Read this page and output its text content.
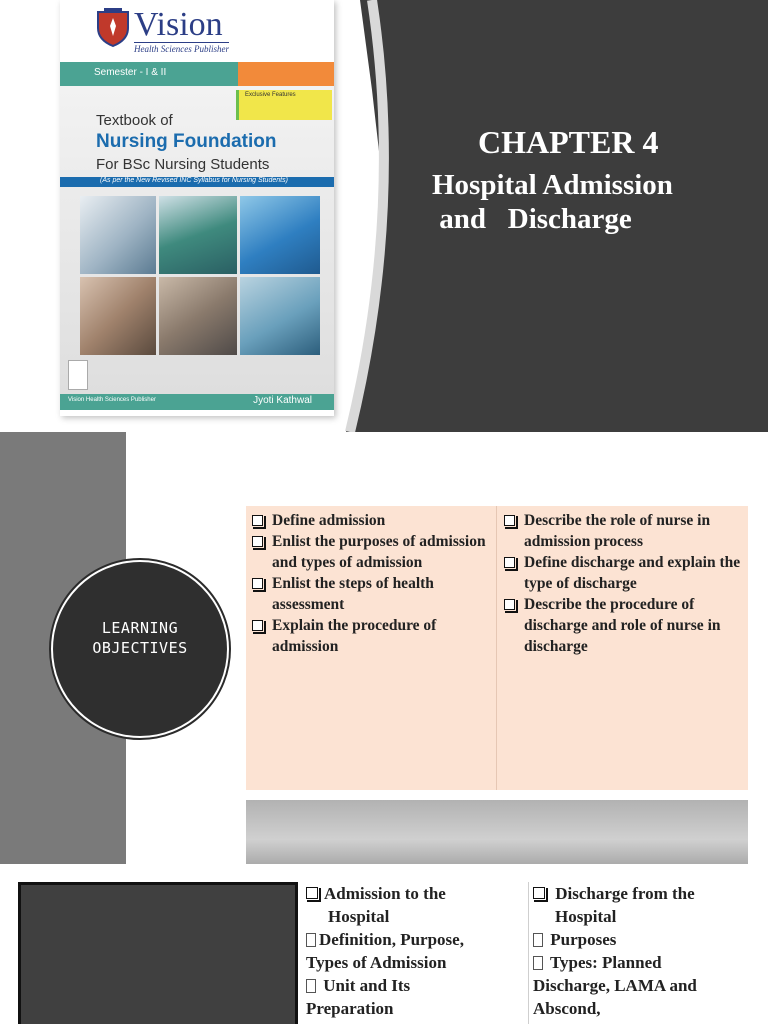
Vision
Health Sciences Publisher
Semester - I & II
Exclusive Features
Textbook of
Nursing Foundation
For BSc Nursing Students
(As per the New Revised INC Syllabus for Nursing Students)
Vision Health Sciences Publisher	Jyoti Kathwal
CHAPTER 4
Hospital Admission
and   Discharge
LEARNING
OBJECTIVES
Define admission
Enlist the purposes of admission and types of admission
Enlist the steps of health assessment
Explain the procedure of admission
Describe the role of nurse in admission process
Define discharge and explain the type of discharge
Describe the procedure of discharge and role of nurse in discharge
Admission to the
Hospital
Definition, Purpose,
Types of Admission
Unit and Its
Preparation
Discharge from the
Hospital
Purposes
Types: Planned
Discharge, LAMA and
Abscond,
